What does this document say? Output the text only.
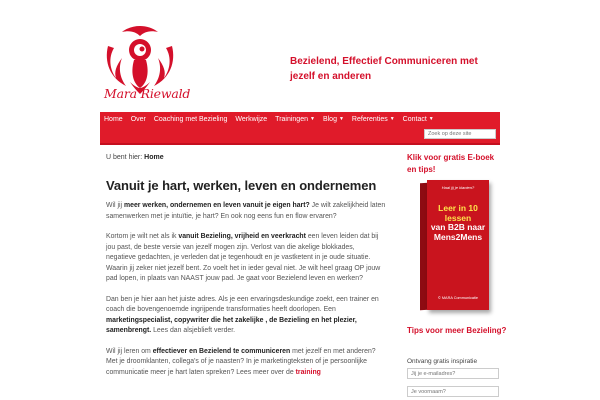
Mara Riewald
Bezielend, Effectief Communiceren met jezelf en anderen
Home	Over	Coaching met Bezieling	Werkwijze	Trainingen ▼	Blog ▼	Referenties ▼	Contact ▼
Zoek op deze site
U bent hier: Home
Vanuit je hart, werken, leven en ondernemen

Wil jij meer werken, ondernemen en leven vanuit je eigen hart? Je wilt zakelijkheid laten samenwerken met je intuïtie, je hart? En ook nog eens fun en flow ervaren?

Kortom je wilt net als ik vanuit Bezieling, vrijheid en veerkracht een leven leiden dat bij jou past, de beste versie van jezelf mogen zijn. Verlost van die akelige blokkades, negatieve gedachten, je verleden dat je tegenhoudt en je vastketent in je oude situatie. Waarin jij zeker niet jezelf bent. Zo voelt het in ieder geval niet. Je wilt heel graag OP jouw pad lopen, in plaats van NAAST jouw pad. Je gaat voor Bezielend leven en werken?

Dan ben je hier aan het juiste adres. Als je een ervaringsdeskundige zoekt, een trainer en coach die bovengenoemde ingrijpende transformaties heeft doorlopen. Een marketingspecialist, copywriter die het zakelijke , de Bezieling en het plezier, samenbrengt. Lees dan alsjeblieft verder.

Wil jij leren om effectiever en Bezielend te communiceren met jezelf en met anderen? Met je droomklanten, collega's of je naasten? In je marketingteksten of je persoonlijke communicatie meer je hart laten spreken? Lees meer over de training

Klik voor gratis E-boek en tips!
Haal jij je klanten?
Leer in 10 lessen
van B2B naar
Mens2Mens
© MARA Communicatie
Tips voor meer Bezieling?
Ontvang gratis inspiratie
Jij je e-mailadres?
Je voornaam?
